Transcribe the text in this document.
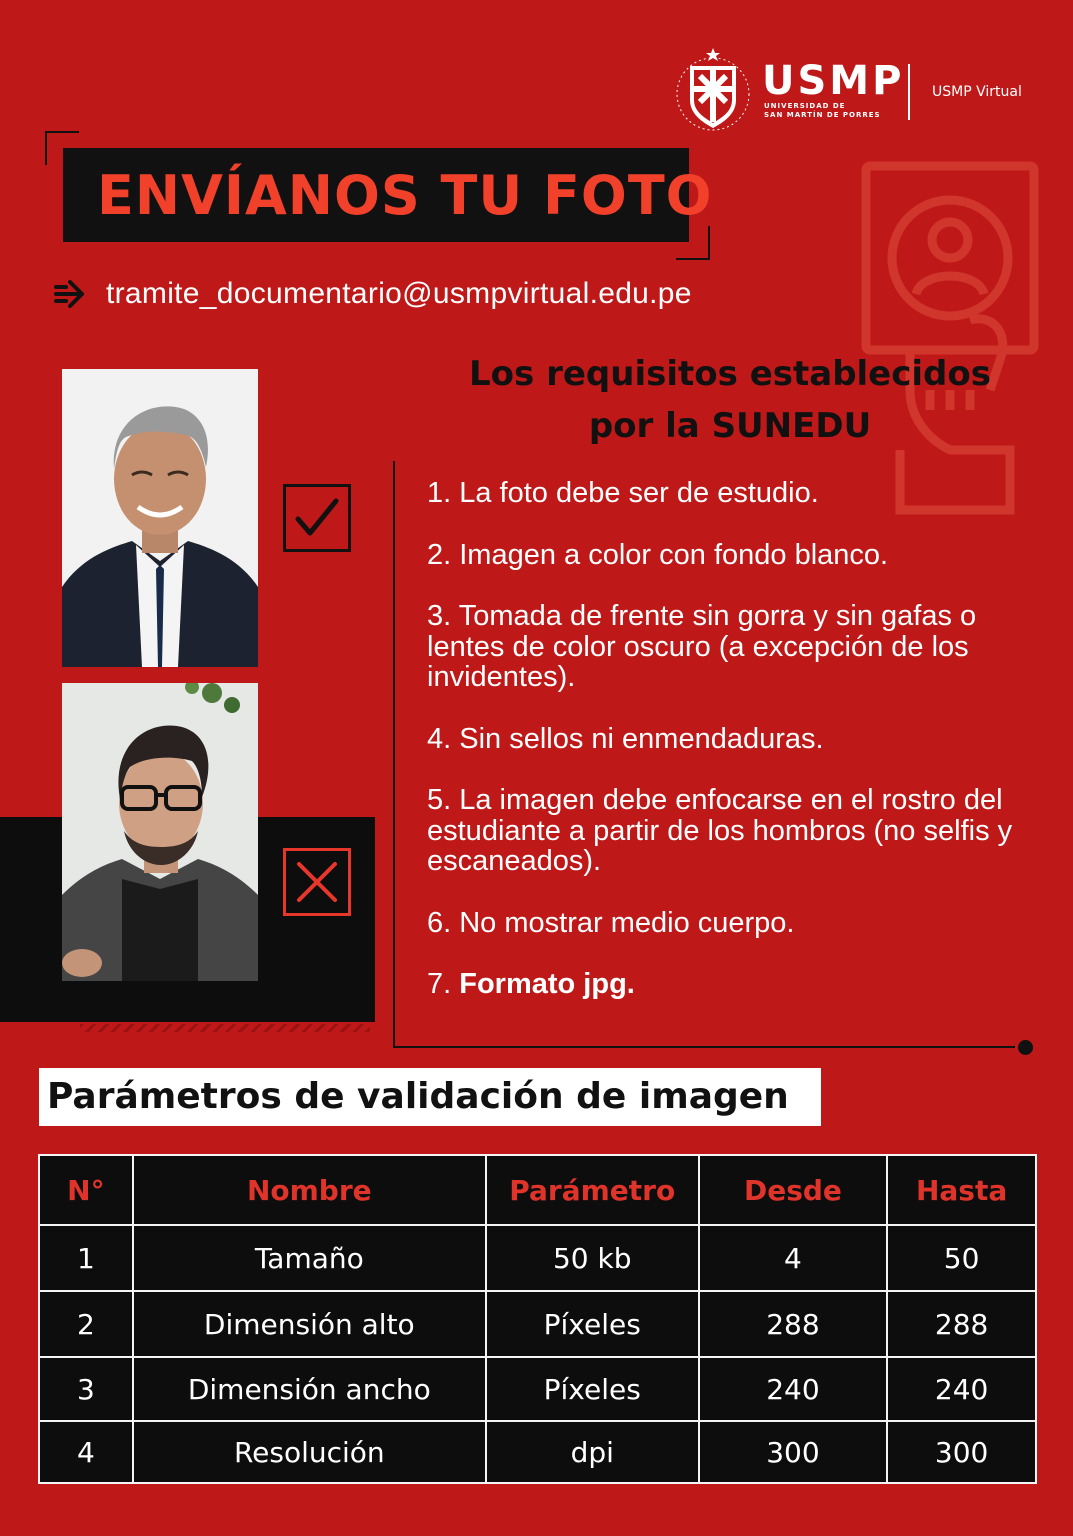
USMP
UNIVERSIDAD DE
SAN MARTÍN DE PORRES
USMP Virtual
ENVÍANOS TU FOTO
tramite_documentario@usmpvirtual.edu.pe
Los requisitos establecidos
por la SUNEDU
1. La foto debe ser de estudio.
2. Imagen a color con fondo blanco.
3. Tomada de frente sin gorra y sin gafas o lentes de color oscuro (a excepción de los invidentes).
4. Sin sellos ni enmendaduras.
5. La imagen debe enfocarse en el rostro del estudiante a partir de los hombros (no selfis y escaneados).
6. No mostrar medio cuerpo.
7. Formato jpg.
Parámetros de validación de imagen
N°	Nombre	Parámetro	Desde	Hasta
1	Tamaño	50 kb	4	50
2	Dimensión alto	Píxeles	288	288
3	Dimensión ancho	Píxeles	240	240
4	Resolución	dpi	300	300
